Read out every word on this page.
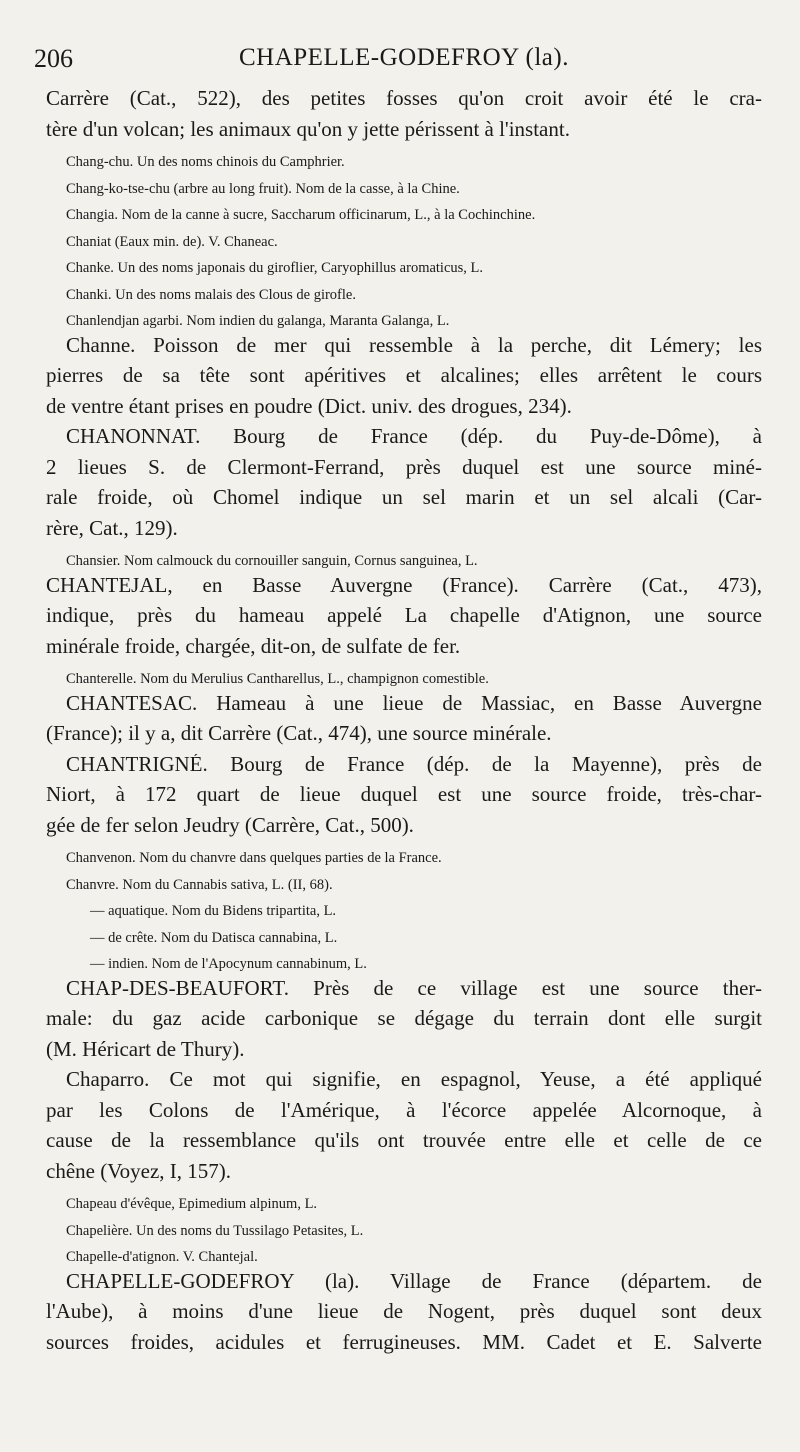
206	CHAPELLE-GODEFROY (la).
Carrère (Cat., 522), des petites fosses qu'on croit avoir été le cra-
tère d'un volcan; les animaux qu'on y jette périssent à l'instant.
Chang-chu. Un des noms chinois du Camphrier.
Chang-ko-tse-chu (arbre au long fruit). Nom de la casse, à la Chine.
Changia. Nom de la canne à sucre, Saccharum officinarum, L., à la Cochinchine.
Chaniat (Eaux min. de). V. Chaneac.
Chanke. Un des noms japonais du giroflier, Caryophillus aromaticus, L.
Chanki. Un des noms malais des Clous de girofle.
Chanlendjan agarbi. Nom indien du galanga, Maranta Galanga, L.
Channe. Poisson de mer qui ressemble à la perche, dit Lémery; les
pierres de sa tête sont apéritives et alcalines; elles arrêtent le cours
de ventre étant prises en poudre (Dict. univ. des drogues, 234).
CHANONNAT. Bourg de France (dép. du Puy-de-Dôme), à
2 lieues S. de Clermont-Ferrand, près duquel est une source miné-
rale froide, où Chomel indique un sel marin et un sel alcali (Car-
rère, Cat., 129).
Chansier. Nom calmouck du cornouiller sanguin, Cornus sanguinea, L.
CHANTEJAL, en Basse Auvergne (France). Carrère (Cat., 473),
indique, près du hameau appelé La chapelle d'Atignon, une source
minérale froide, chargée, dit-on, de sulfate de fer.
Chanterelle. Nom du Merulius Cantharellus, L., champignon comestible.
CHANTESAC. Hameau à une lieue de Massiac, en Basse Auvergne
(France); il y a, dit Carrère (Cat., 474), une source minérale.
CHANTRIGNÉ. Bourg de France (dép. de la Mayenne), près de
Niort, à 172 quart de lieue duquel est une source froide, très-char-
gée de fer selon Jeudry (Carrère, Cat., 500).
Chanvenon. Nom du chanvre dans quelques parties de la France.
Chanvre. Nom du Cannabis sativa, L. (II, 68).
— aquatique. Nom du Bidens tripartita, L.
— de crête. Nom du Datisca cannabina, L.
— indien. Nom de l'Apocynum cannabinum, L.
CHAP-DES-BEAUFORT. Près de ce village est une source ther-
male: du gaz acide carbonique se dégage du terrain dont elle surgit
(M. Héricart de Thury).
Chaparro. Ce mot qui signifie, en espagnol, Yeuse, a été appliqué
par les Colons de l'Amérique, à l'écorce appelée Alcornoque, à
cause de la ressemblance qu'ils ont trouvée entre elle et celle de ce
chêne (Voyez, I, 157).
Chapeau d'évêque, Epimedium alpinum, L.
Chapelière. Un des noms du Tussilago Petasites, L.
Chapelle-d'atignon. V. Chantejal.
CHAPELLE-GODEFROY (la). Village de France (départem. de
l'Aube), à moins d'une lieue de Nogent, près duquel sont deux
sources froides, acidules et ferrugineuses. MM. Cadet et E. Salverte
